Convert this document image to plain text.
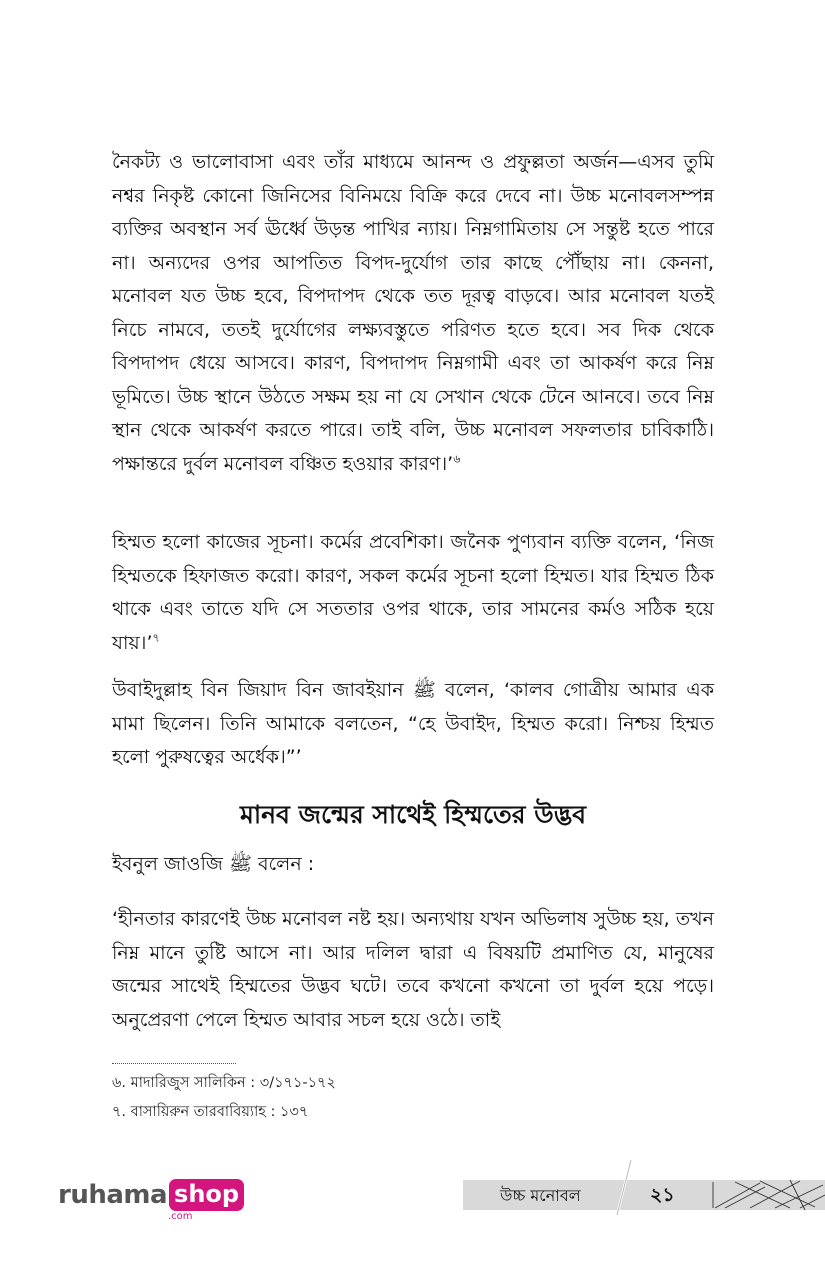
নৈকট্য ও ভালোবাসা এবং তাঁর মাধ্যমে আনন্দ ও প্রফুল্লতা অর্জন—এসব তুমি নশ্বর নিকৃষ্ট কোনো জিনিসের বিনিময়ে বিক্রি করে দেবে না। উচ্চ মনোবলসম্পন্ন ব্যক্তির অবস্থান সর্ব ঊর্ধ্বে উড়ন্ত পাখির ন্যায়। নিম্নগামিতায় সে সন্তুষ্ট হতে পারে না। অন্যদের ওপর আপতিত বিপদ-দুর্যোগ তার কাছে পৌঁছায় না। কেননা, মনোবল যত উচ্চ হবে, বিপদাপদ থেকে তত দূরত্ব বাড়বে। আর মনোবল যতই নিচে নামবে, ততই দুর্যোগের লক্ষ্যবস্তুতে পরিণত হতে হবে। সব দিক থেকে বিপদাপদ ধেয়ে আসবে। কারণ, বিপদাপদ নিম্নগামী এবং তা আকর্ষণ করে নিম্ন ভূমিতে। উচ্চ স্থানে উঠতে সক্ষম হয় না যে সেখান থেকে টেনে আনবে। তবে নিম্ন স্থান থেকে আকর্ষণ করতে পারে। তাই বলি, উচ্চ মনোবল সফলতার চাবিকাঠি। পক্ষান্তরে দুর্বল মনোবল বঞ্চিত হওয়ার কারণ।’$^৬$

হিম্মত হলো কাজের সূচনা। কর্মের প্রবেশিকা। জনৈক পুণ্যবান ব্যক্তি বলেন, ‘নিজ হিম্মতকে হিফাজত করো। কারণ, সকল কর্মের সূচনা হলো হিম্মত। যার হিম্মত ঠিক থাকে এবং তাতে যদি সে সততার ওপর থাকে, তার সামনের কর্মও সঠিক হয়ে যায়।’$^৭$

উবাইদুল্লাহ বিন জিয়াদ বিন জাবইয়ান ﷺ বলেন, ‘কালব গোত্রীয় আমার এক মামা ছিলেন। তিনি আমাকে বলতেন, “হে উবাইদ, হিম্মত করো। নিশ্চয় হিম্মত হলো পুরুষত্বের অর্ধেক।”’

মানব জন্মের সাথেই হিম্মতের উদ্ভব

ইবনুল জাওজি ﷺ বলেন :

‘হীনতার কারণেই উচ্চ মনোবল নষ্ট হয়। অন্যথায় যখন অভিলাষ সুউচ্চ হয়, তখন নিম্ন মানে তুষ্টি আসে না। আর দলিল দ্বারা এ বিষয়টি প্রমাণিত যে, মানুষের জন্মের সাথেই হিম্মতের উদ্ভব ঘটে। তবে কখনো কখনো তা দুর্বল হয়ে পড়ে। অনুপ্রেরণা পেলে হিম্মত আবার সচল হয়ে ওঠে। তাই

৬. মাদারিজুস সালিকিন : ৩/১৭১-১৭২
৭. বাসায়িরুন তারবাবিয়্যাহ : ১৩৭
ruhama shop
.com
উচ্চ মনোবল	২১
